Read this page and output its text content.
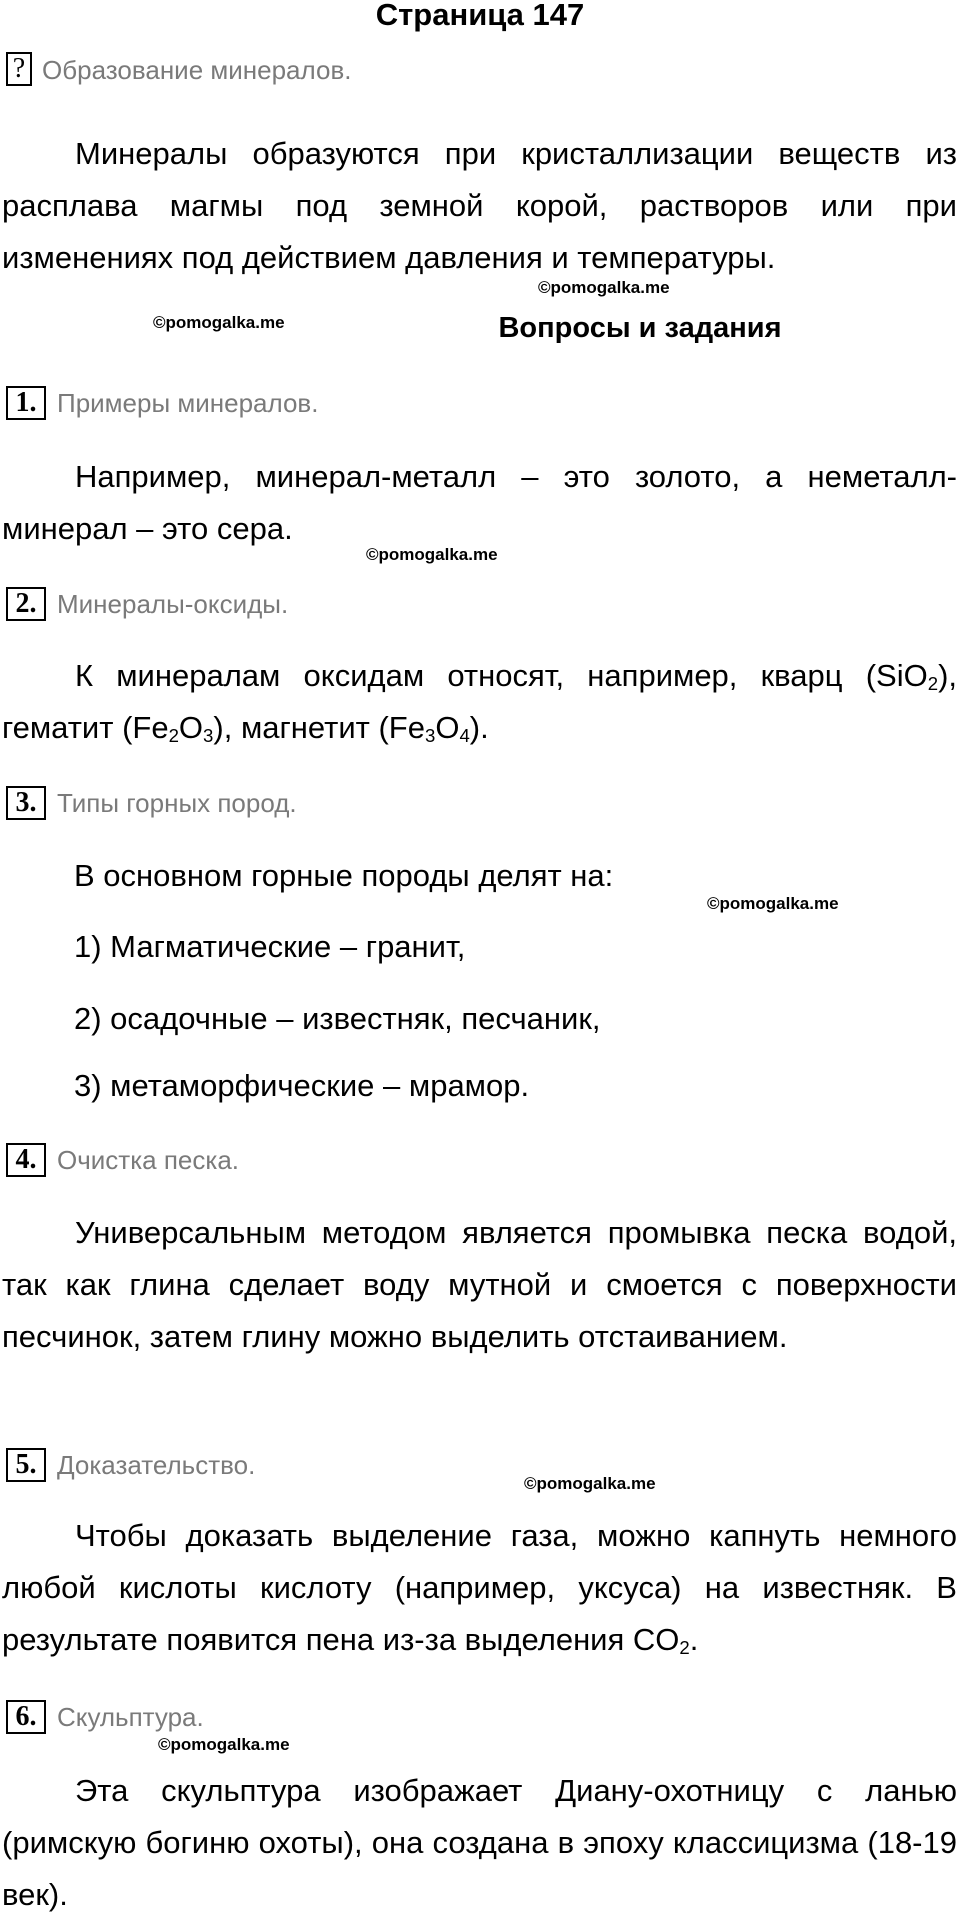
Страница 147
? Образование минералов.
Минералы образуются при кристаллизации веществ из расплава магмы под земной корой, растворов или при изменениях под действием давления и температуры.
©pomogalka.me
©pomogalka.me	Вопросы и задания
1. Примеры минералов.
Например, минерал-металл – это золото, а неметалл-минерал – это сера.
©pomogalka.me
2. Минералы-оксиды.
К минералам оксидам относят, например, кварц (SiO$_2$), гематит $(Fe_2O_3)$, магнетит $(Fe_3O_4)$.
3. Типы горных пород.
В основном горные породы делят на:
©pomogalka.me
1) Магматические – гранит,
2) осадочные – известняк, песчаник,
3) метаморфические – мрамор.
4. Очистка песка.
Универсальным методом является промывка песка водой, так как глина сделает воду мутной и смоется с поверхности песчинок, затем глину можно выделить отстаиванием.
5. Доказательство.
©pomogalka.me
Чтобы доказать выделение газа, можно капнуть немного любой кислоты кислоту (например, уксуса) на известняк. В результате появится пена из-за выделения $CO_2$.
6. Скульптура.
©pomogalka.me
Эта скульптура изображает Диану-охотницу с ланью (римскую богиню охоты), она создана в эпоху классицизма (18-19 век).
